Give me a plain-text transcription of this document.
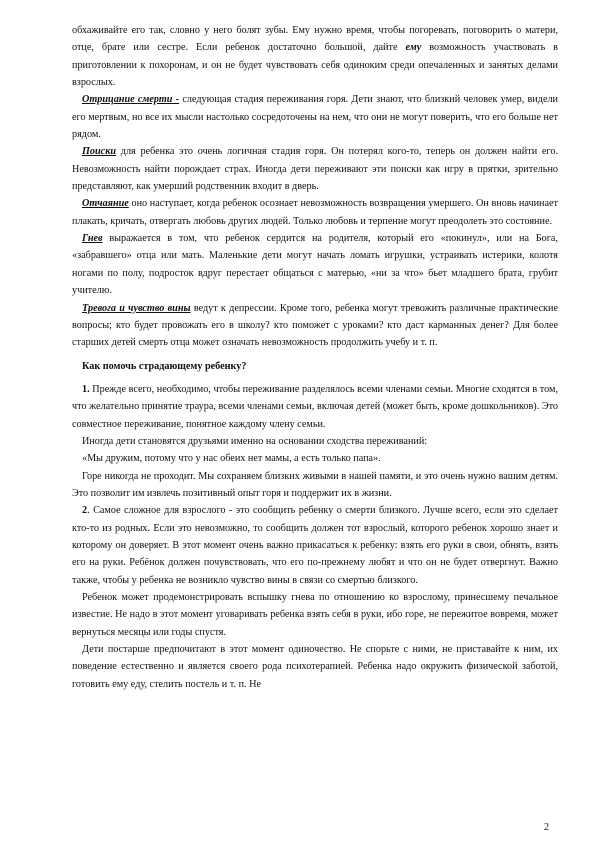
обхаживайте его так, словно у него болят зубы. Ему нужно время, чтобы погоревать, поговорить о матери, отце, брате или сестре. Если ребенок достаточно большой, дайте ему возможность участвовать в приготовлении к похоронам, и он не будет чувствовать себя одиноким среди опечаленных и занятых делами взрослых.

Отрицание смерти - следующая стадия переживания горя. Дети знают, что близкий человек умер, видели его мертвым, но все их мысли настолько сосредоточены на нем, что они не могут поверить, что его больше нет рядом.

Поиски для ребенка это очень логичная стадия горя. Он потерял кого-то, теперь он должен найти его. Невозможность найти порождает страх. Иногда дети переживают эти поиски как игру в прятки, зрительно представляют, как умерший родственник входит в дверь.

Отчаяние оно наступает, когда ребенок осознает невозможность возвращения умершего. Он вновь начинает плакать, кричать, отвергать любовь других людей. Только любовь и терпение могут преодолеть это состояние.

Гнев выражается в том, что ребенок сердится на родителя, который его «покинул», или на Бога, «забравшего» отца или мать. Маленькие дети могут начать ломать игрушки, устраивать истерики, колотя ногами по полу, подросток вдруг перестает общаться с матерью, «ни за что» бьет младшего брата, грубит учителю.

Тревога и чувство вины ведут к депрессии. Кроме того, ребенка могут тревожить различные практические вопросы; кто будет провожать его в школу? кто поможет с уроками? кто даст карманных денег? Для более старших детей смерть отца может означать невозможность продолжить учебу и т. п.

Как помочь страдающему ребенку?

1. Прежде всего, необходимо, чтобы переживание разделялось всеми членами семьи. Многие сходятся в том, что желательно принятие траура, всеми членами семьи, включая детей (может быть, кроме дошкольников). Это совместное переживание, понятное каждому члену семьи.

Иногда дети становятся друзьями именно на основании сходства переживаний:

«Мы дружим, потому что у нас обеих нет мамы, а есть только папа».

Горе никогда не проходит. Мы сохраняем близких живыми в нашей памяти, и это очень нужно вашим детям. Это позволит им извлечь позитивный опыт горя и поддержит их в жизни.

2. Самое сложное для взрослого - это сообщить ребенку о смерти близкого. Лучше всего, если это сделает кто-то из родных. Если это невозможно, то сообщить должен тот взрослый, которого ребенок хорошо знает и которому он доверяет. В этот момент очень важно прикасаться к ребенку: взять его руки в свои, обнять, взять его на руки. Ребёнок должен почувствовать, что его по-прежнему любят и что он не будет отвергнут. Важно также, чтобы у ребенка не возникло чувство вины в связи со смертью близкого.

Ребенок может продемонстрировать вспышку гнева по отношению ко взрослому, принесшему печальное известие. Не надо в этот момент уговаривать ребенка взять себя в руки, ибо горе, не пережитое вовремя, может вернуться месяцы или годы спустя.

Дети постарше предпочитают в этот момент одиночество. Не спорьте с ними, не приставайте к ним, их поведение естественно и является своего рода психотерапией. Ребенка надо окружить физической заботой, готовить ему еду, стелить постель и т. п. Не

2
